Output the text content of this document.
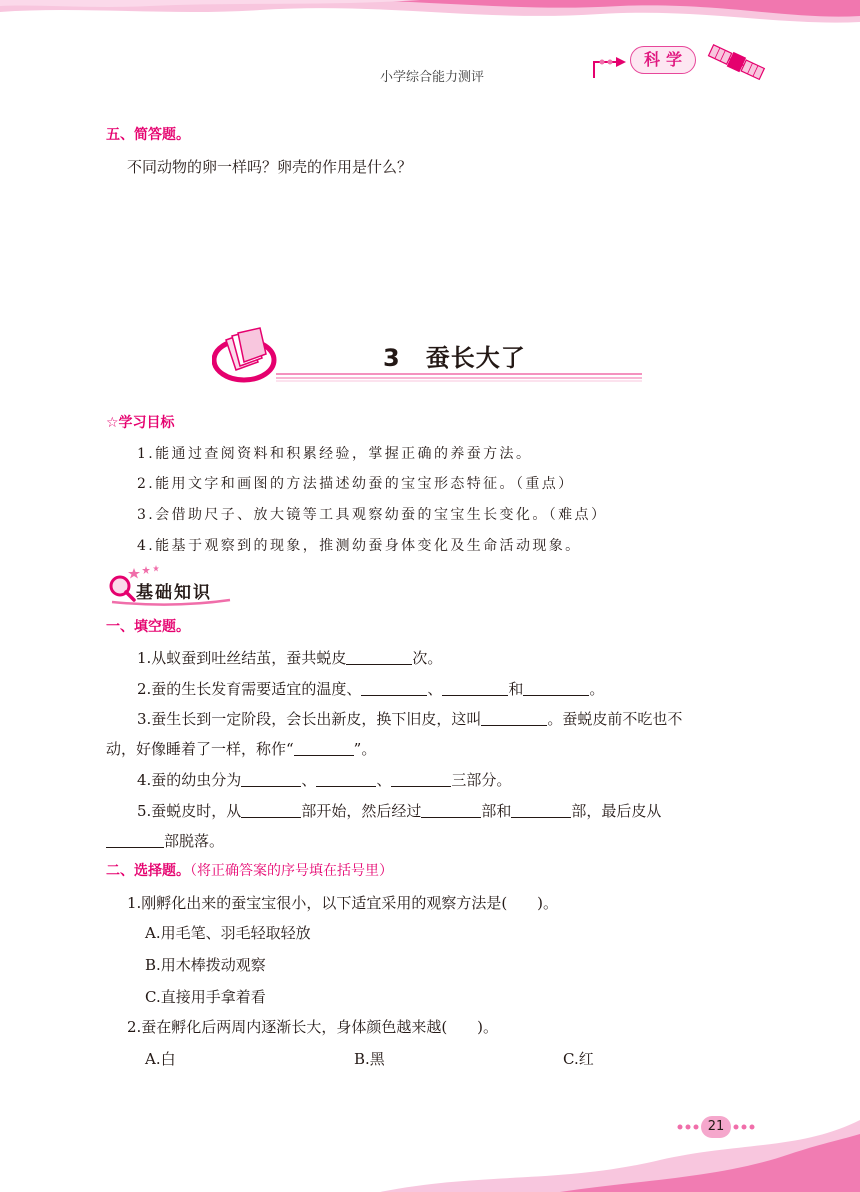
小学综合能力测评
科学
五、简答题。
不同动物的卵一样吗？卵壳的作用是什么？
3　蚕长大了
☆学习目标
1.能通过查阅资料和积累经验，掌握正确的养蚕方法。
2.能用文字和画图的方法描述幼蚕的宝宝形态特征。（重点）
3.会借助尺子、放大镜等工具观察幼蚕的宝宝生长变化。（难点）
4.能基于观察到的现象，推测幼蚕身体变化及生命活动现象。
基础知识
一、填空题。
1.从蚁蚕到吐丝结茧，蚕共蜕皮	次。
2.蚕的生长发育需要适宜的温度、	、	和	。
3.蚕生长到一定阶段，会长出新皮，换下旧皮，这叫	。蚕蜕皮前不吃也不
动，好像睡着了一样，称作“	”。
4.蚕的幼虫分为	、	、	三部分。
5.蚕蜕皮时，从	部开始，然后经过	部和	部，最后皮从
部脱落。
二、选择题。（将正确答案的序号填在括号里）
1.刚孵化出来的蚕宝宝很小，以下适宜采用的观察方法是(　　)。
A.用毛笔、羽毛轻取轻放
B.用木棒拨动观察
C.直接用手拿着看
2.蚕在孵化后两周内逐渐长大，身体颜色越来越(　　)。
A.白	B.黑	C.红
21
